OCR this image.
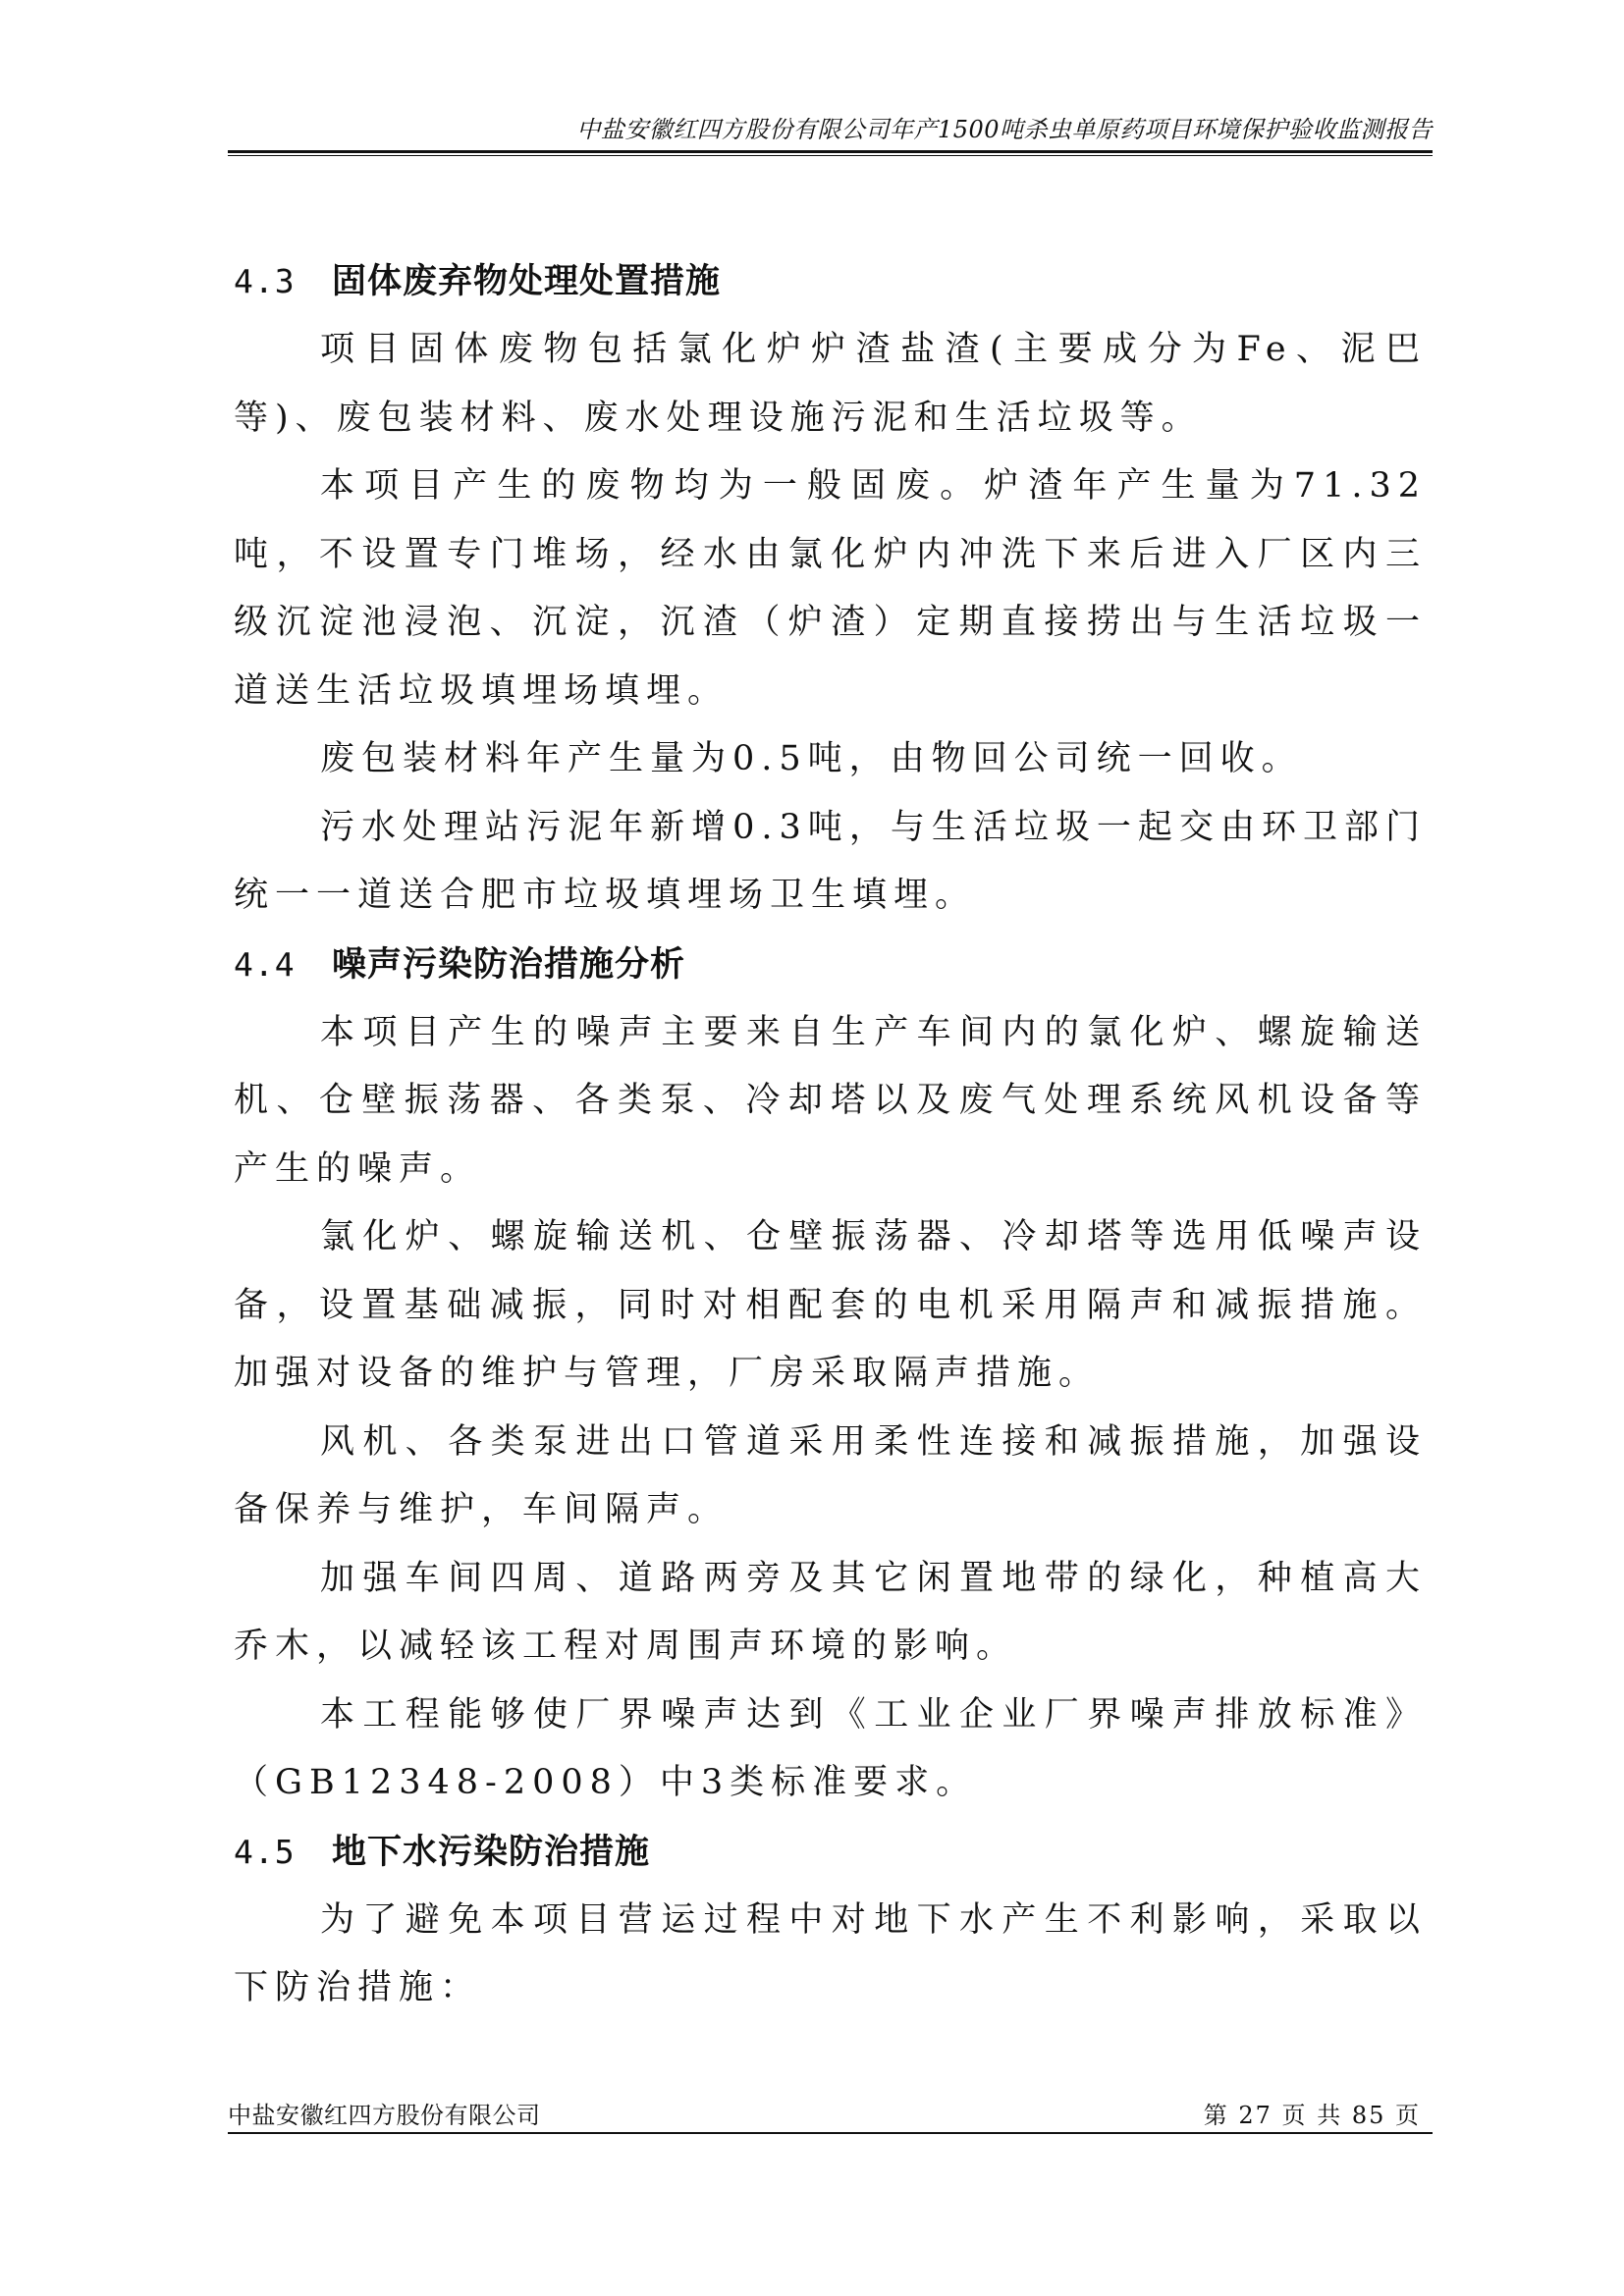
中盐安徽红四方股份有限公司年产1500吨杀虫单原药项目环境保护验收监测报告
4.3 固体废弃物处理处置措施

项目固体废物包括氯化炉炉渣盐渣(主要成分为Fe、泥巴等)、废包装材料、废水处理设施污泥和生活垃圾等。

本项目产生的废物均为一般固废。炉渣年产生量为71.32吨，不设置专门堆场，经水由氯化炉内冲洗下来后进入厂区内三级沉淀池浸泡、沉淀，沉渣（炉渣）定期直接捞出与生活垃圾一道送生活垃圾填埋场填埋。

废包装材料年产生量为0.5吨，由物回公司统一回收。

污水处理站污泥年新增0.3吨，与生活垃圾一起交由环卫部门统一一道送合肥市垃圾填埋场卫生填埋。

4.4 噪声污染防治措施分析

本项目产生的噪声主要来自生产车间内的氯化炉、螺旋输送机、仓壁振荡器、各类泵、冷却塔以及废气处理系统风机设备等产生的噪声。

氯化炉、螺旋输送机、仓壁振荡器、冷却塔等选用低噪声设备，设置基础减振，同时对相配套的电机采用隔声和减振措施。加强对设备的维护与管理，厂房采取隔声措施。

风机、各类泵进出口管道采用柔性连接和减振措施，加强设备保养与维护，车间隔声。

加强车间四周、道路两旁及其它闲置地带的绿化，种植高大乔木，以减轻该工程对周围声环境的影响。

本工程能够使厂界噪声达到《工业企业厂界噪声排放标准》（GB12348-2008）中3类标准要求。

4.5 地下水污染防治措施

为了避免本项目营运过程中对地下水产生不利影响，采取以下防治措施：

中盐安徽红四方股份有限公司	第 27 页 共 85 页
